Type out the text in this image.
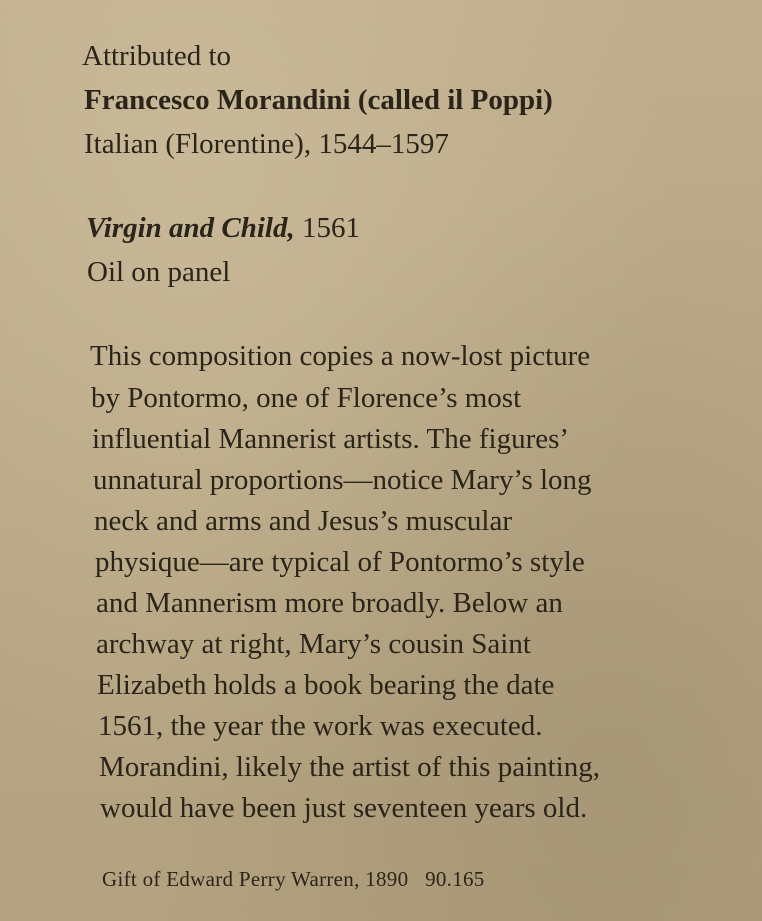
Attributed to
Francesco Morandini (called il Poppi)
Italian (Florentine), 1544–1597
Virgin and Child, 1561
Oil on panel
This composition copies a now-lost picture
by Pontormo, one of Florence’s most
influential Mannerist artists. The figures’
unnatural proportions—notice Mary’s long
neck and arms and Jesus’s muscular
physique—are typical of Pontormo’s style
and Mannerism more broadly. Below an
archway at right, Mary’s cousin Saint
Elizabeth holds a book bearing the date
1561, the year the work was executed.
Morandini, likely the artist of this painting,
would have been just seventeen years old.
Gift of Edward Perry Warren, 1890 90.165
